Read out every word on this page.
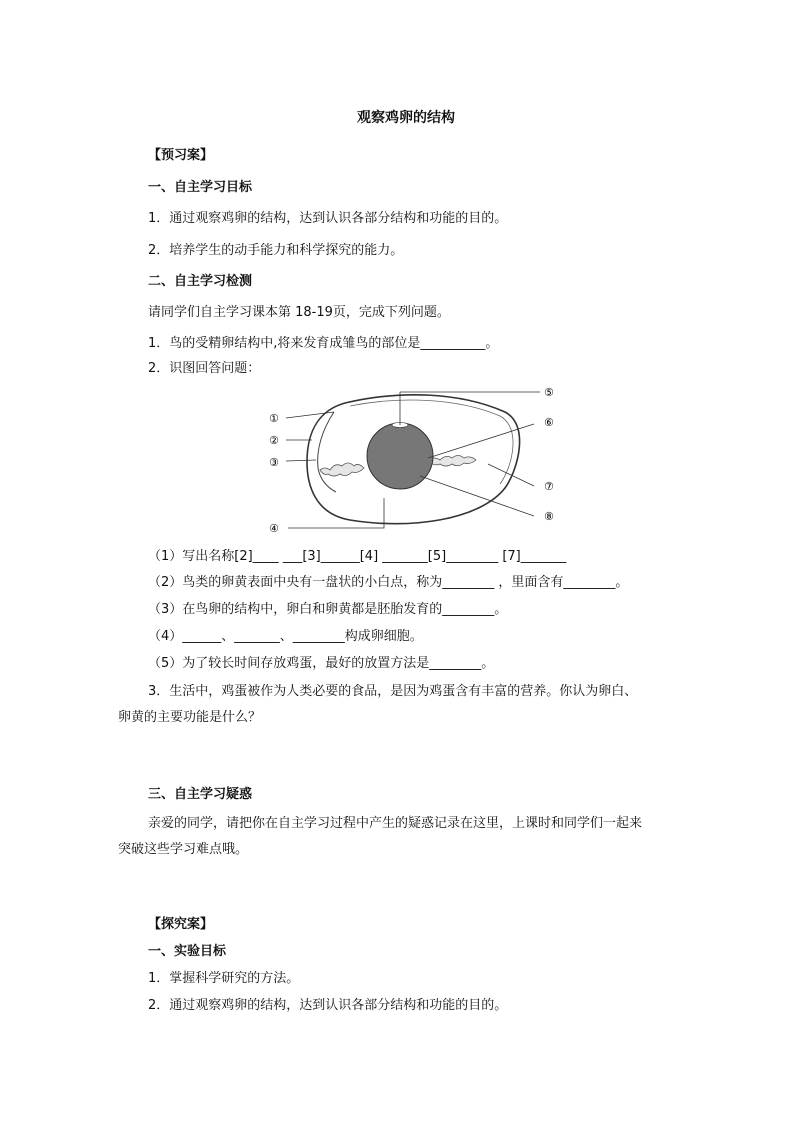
观察鸡卵的结构
【预习案】
一、自主学习目标
1．通过观察鸡卵的结构，达到认识各部分结构和功能的目的。
2．培养学生的动手能力和科学探究的能力。
二、自主学习检测
请同学们自主学习课本第 18-19页，完成下列问题。
1．鸟的受精卵结构中,将来发育成雏鸟的部位是__________。
2．识图回答问题：
①
②
③
④
⑤
⑥
⑦
⑧
（1）写出名称[2]____ ___[3]______[4] _______[5]________ [7]_______
（2）鸟类的卵黄表面中央有一盘状的小白点，称为________ ，里面含有________。
（3）在鸟卵的结构中，卵白和卵黄都是胚胎发育的________。
（4）______、_______、________构成卵细胞。
（5）为了较长时间存放鸡蛋，最好的放置方法是________。
3．生活中，鸡蛋被作为人类必要的食品，是因为鸡蛋含有丰富的营养。你认为卵白、
卵黄的主要功能是什么？
三、自主学习疑惑
亲爱的同学，请把你在自主学习过程中产生的疑惑记录在这里，上课时和同学们一起来
突破这些学习难点哦。
【探究案】
一、实验目标
1．掌握科学研究的方法。
2．通过观察鸡卵的结构，达到认识各部分结构和功能的目的。
